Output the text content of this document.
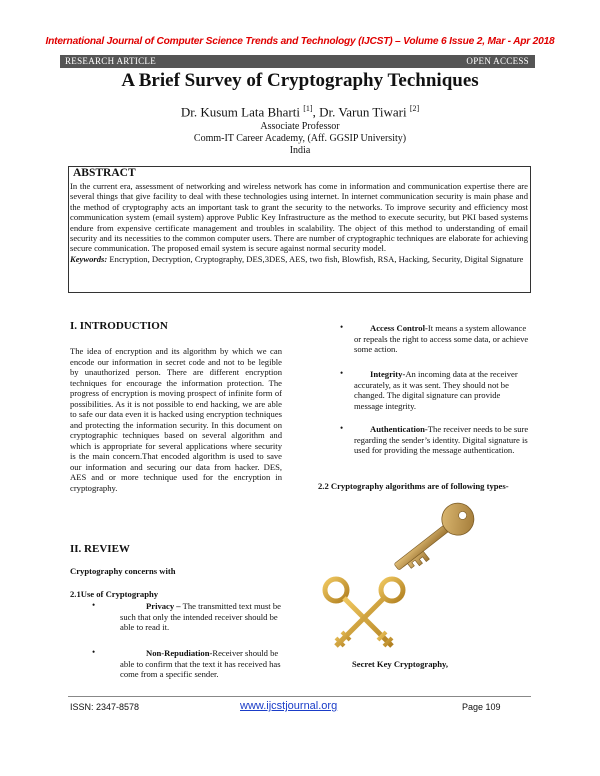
International Journal of Computer Science Trends and Technology (IJCST) – Volume 6 Issue 2, Mar - Apr 2018
RESEARCH ARTICLE	OPEN ACCESS
A Brief Survey of Cryptography Techniques
Dr. Kusum Lata Bharti [1], Dr. Varun Tiwari [2]
Associate Professor
Comm-IT Career Academy, (Aff. GGSIP University)
India
ABSTRACT
In the current era, assessment of networking and wireless network has come in information and communication expertise there are several things that give facility to deal with these technologies using internet. In internet communication security is main phase and the method of cryptography acts an important task to grant the security to the networks. To improve security and efficiency most communication system (email system) approve Public Key Infrastructure as the method to execute security, but PKI based systems endure from expensive certificate management and troubles in scalability. The object of this method to understanding of email security and its necessities to the common computer users. There are number of cryptographic techniques are elaborate for achieving secure communication. The proposed email system is secure against normal security model.
Keywords: Encryption, Decryption, Cryptography, DES,3DES, AES, two fish, Blowfish, RSA, Hacking, Security, Digital Signature
I. INTRODUCTION
The idea of encryption and its algorithm by which we can encode our information in secret code and not to be legible by unauthorized person. There are different encryption techniques for encourage the information protection. The progress of encryption is moving prospect of infinite form of possibilities. As it is not possible to end hacking, we are able to safe our data even it is hacked using encryption techniques and protecting the information security. In this document on cryptographic techniques based on several algorithm and which is appropriate for several applications where security is the main concern.That encoded algorithm is used to save our information and securing our data from hacker. DES, AES and or more technique used for the encryption in cryptography.
II. REVIEW
Cryptography concerns with
2.1Use of Cryptography
•	Privacy – The transmitted text must be such that only the intended receiver should be able to read it.
•	Non-Repudiation-Receiver should be able to confirm that the text it has received has come from a specific sender.
•	Access Control-It means a system allowance or repeals the right to access some data, or achieve some action.
•	Integrity-An incoming data at the receiver accurately, as it was sent. They should not be changed. The digital signature can provide message integrity.
•	Authentication-The receiver needs to be sure regarding the sender’s identity. Digital signature is used for providing the message authentication.
2.2 Cryptography algorithms are of following types-
Secret Key Cryptography,
ISSN: 2347-8578	www.ijcstjournal.org	Page 109
